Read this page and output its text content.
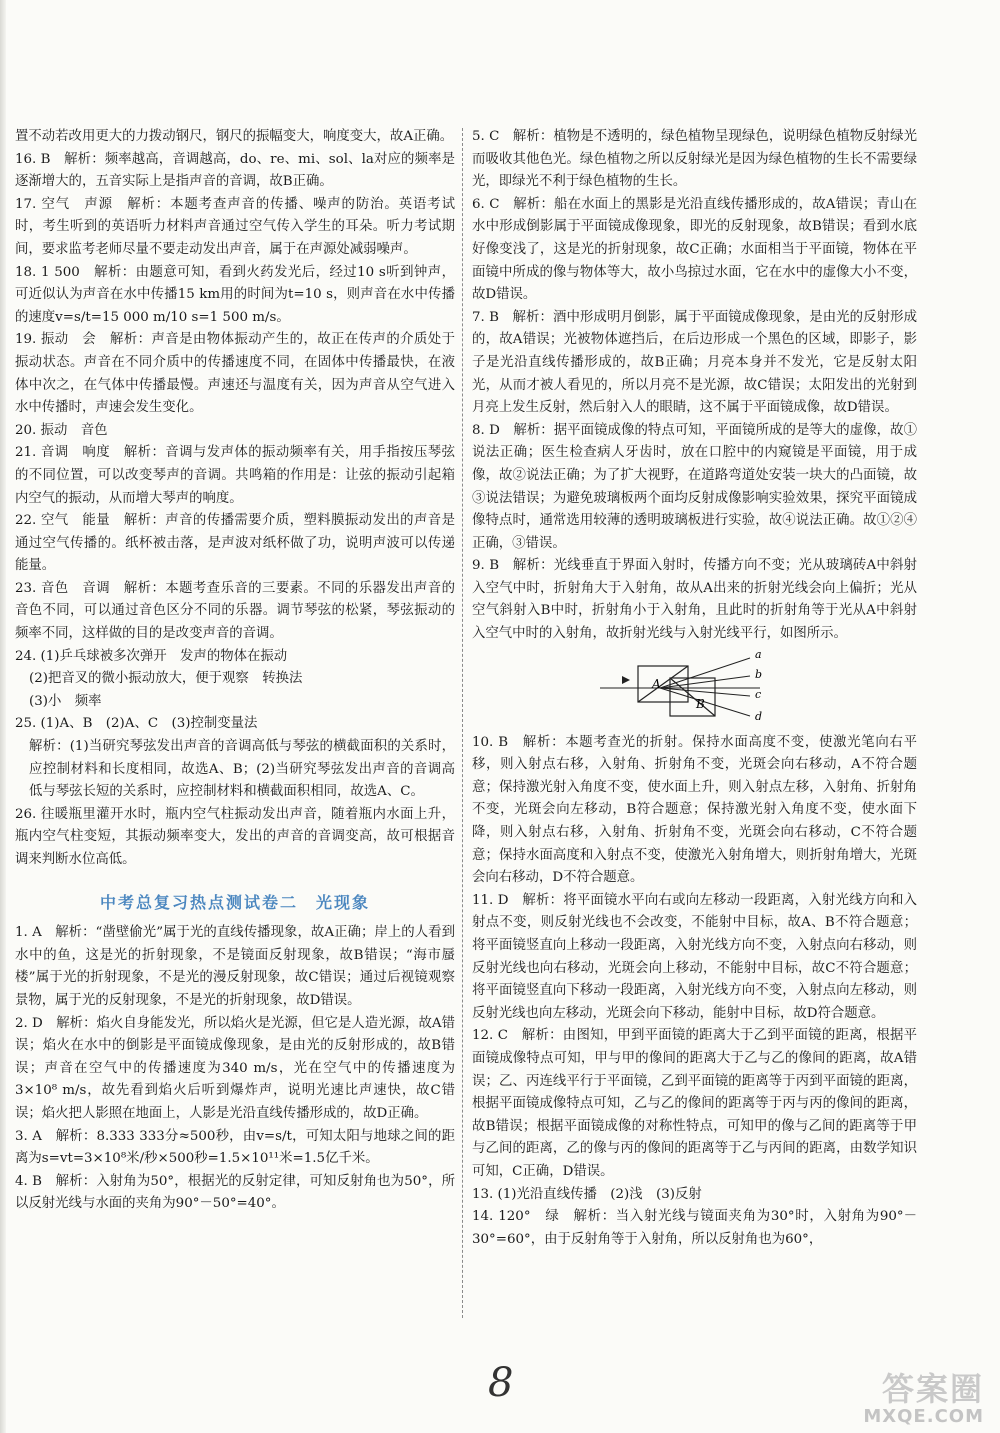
置不动若改用更大的力拨动钢尺，钢尺的振幅变大，响度变大，故A正确。

16. B　解析：频率越高，音调越高，do、re、mi、sol、la对应的频率是逐渐增大的，五音实际上是指声音的音调，故B正确。

17. 空气　声源　解析：本题考查声音的传播、噪声的防治。英语考试时，考生听到的英语听力材料声音通过空气传入学生的耳朵。听力考试期间，要求监考老师尽量不要走动发出声音，属于在声源处减弱噪声。

18. 1 500　解析：由题意可知，看到火药发光后，经过10 s听到钟声，可近似认为声音在水中传播15 km用的时间为t=10 s，则声音在水中传播的速度v=s/t=15 000 m/10 s=1 500 m/s。

19. 振动　会　解析：声音是由物体振动产生的，故正在传声的介质处于振动状态。声音在不同介质中的传播速度不同，在固体中传播最快，在液体中次之，在气体中传播最慢。声速还与温度有关，因为声音从空气进入水中传播时，声速会发生变化。

20. 振动　音色

21. 音调　响度　解析：音调与发声体的振动频率有关，用手指按压琴弦的不同位置，可以改变琴声的音调。共鸣箱的作用是：让弦的振动引起箱内空气的振动，从而增大琴声的响度。

22. 空气　能量　解析：声音的传播需要介质，塑料膜振动发出的声音是通过空气传播的。纸杯被击落，是声波对纸杯做了功，说明声波可以传递能量。

23. 音色　音调　解析：本题考查乐音的三要素。不同的乐器发出声音的音色不同，可以通过音色区分不同的乐器。调节琴弦的松紧，琴弦振动的频率不同，这样做的目的是改变声音的音调。

24. (1)乒乓球被多次弹开　发声的物体在振动

(2)把音叉的微小振动放大，便于观察　转换法

(3)小　频率

25. (1)A、B　(2)A、C　(3)控制变量法

解析：(1)当研究琴弦发出声音的音调高低与琴弦的横截面积的关系时，应控制材料和长度相同，故选A、B；(2)当研究琴弦发出声音的音调高低与琴弦长短的关系时，应控制材料和横截面积相同，故选A、C。

26. 往暖瓶里灌开水时，瓶内空气柱振动发出声音，随着瓶内水面上升，瓶内空气柱变短，其振动频率变大，发出的声音的音调变高，故可根据音调来判断水位高低。

中考总复习热点测试卷二　光现象

1. A　解析：“凿壁偷光”属于光的直线传播现象，故A正确；岸上的人看到水中的鱼，这是光的折射现象，不是镜面反射现象，故B错误；“海市蜃楼”属于光的折射现象，不是光的漫反射现象，故C错误；通过后视镜观察景物，属于光的反射现象，不是光的折射现象，故D错误。

2. D　解析：焰火自身能发光，所以焰火是光源，但它是人造光源，故A错误；焰火在水中的倒影是平面镜成像现象，是由光的反射形成的，故B错误；声音在空气中的传播速度为340 m/s，光在空气中的传播速度为3×10⁸ m/s，故先看到焰火后听到爆炸声，说明光速比声速快，故C错误；焰火把人影照在地面上，人影是光沿直线传播形成的，故D正确。

3. A　解析：8.333 333分≈500秒，由v=s/t，可知太阳与地球之间的距离为s=vt=3×10⁸米/秒×500秒=1.5×10¹¹米=1.5亿千米。

4. B　解析：入射角为50°，根据光的反射定律，可知反射角也为50°，所以反射光线与水面的夹角为90°－50°=40°。

5. C　解析：植物是不透明的，绿色植物呈现绿色，说明绿色植物反射绿光而吸收其他色光。绿色植物之所以反射绿光是因为绿色植物的生长不需要绿光，即绿光不利于绿色植物的生长。

6. C　解析：船在水面上的黑影是光沿直线传播形成的，故A错误；青山在水中形成倒影属于平面镜成像现象，即光的反射现象，故B错误；看到水底好像变浅了，这是光的折射现象，故C正确；水面相当于平面镜，物体在平面镜中所成的像与物体等大，故小鸟掠过水面，它在水中的虚像大小不变，故D错误。

7. B　解析：酒中形成明月倒影，属于平面镜成像现象，是由光的反射形成的，故A错误；光被物体遮挡后，在后边形成一个黑色的区域，即影子，影子是光沿直线传播形成的，故B正确；月亮本身并不发光，它是反射太阳光，从而才被人看见的，所以月亮不是光源，故C错误；太阳发出的光射到月亮上发生反射，然后射入人的眼睛，这不属于平面镜成像，故D错误。

8. D　解析：据平面镜成像的特点可知，平面镜所成的是等大的虚像，故①说法正确；医生检查病人牙齿时，放在口腔中的内窥镜是平面镜，用于成像，故②说法正确；为了扩大视野，在道路弯道处安装一块大的凸面镜，故③说法错误；为避免玻璃板两个面均反射成像影响实验效果，探究平面镜成像特点时，通常选用较薄的透明玻璃板进行实验，故④说法正确。故①②④正确，③错误。

9. B　解析：光线垂直于界面入射时，传播方向不变；光从玻璃砖A中斜射入空气中时，折射角大于入射角，故从A出来的折射光线会向上偏折；光从空气斜射入B中时，折射角小于入射角，且此时的折射角等于光从A中斜射入空气中时的入射角，故折射光线与入射光线平行，如图所示。

A
B
a
b
c
d

10. B　解析：本题考查光的折射。保持水面高度不变，使激光笔向右平移，则入射点右移，入射角、折射角不变，光斑会向右移动，A不符合题意；保持激光射入角度不变，使水面上升，则入射点左移，入射角、折射角不变，光斑会向左移动，B符合题意；保持激光射入角度不变，使水面下降，则入射点右移，入射角、折射角不变，光斑会向右移动，C不符合题意；保持水面高度和入射点不变，使激光入射角增大，则折射角增大，光斑会向右移动，D不符合题意。

11. D　解析：将平面镜水平向右或向左移动一段距离，入射光线方向和入射点不变，则反射光线也不会改变，不能射中目标，故A、B不符合题意；将平面镜竖直向上移动一段距离，入射光线方向不变，入射点向右移动，则反射光线也向右移动，光斑会向上移动，不能射中目标，故C不符合题意；将平面镜竖直向下移动一段距离，入射光线方向不变，入射点向左移动，则反射光线也向左移动，光斑会向下移动，能射中目标，故D符合题意。

12. C　解析：由图知，甲到平面镜的距离大于乙到平面镜的距离，根据平面镜成像特点可知，甲与甲的像间的距离大于乙与乙的像间的距离，故A错误；乙、丙连线平行于平面镜，乙到平面镜的距离等于丙到平面镜的距离，根据平面镜成像特点可知，乙与乙的像间的距离等于丙与丙的像间的距离，故B错误；根据平面镜成像的对称性特点，可知甲的像与乙间的距离等于甲与乙间的距离，乙的像与丙的像间的距离等于乙与丙间的距离，由数学知识可知，C正确，D错误。

13. (1)光沿直线传播　(2)浅　(3)反射

14. 120°　绿　解析：当入射光线与镜面夹角为30°时，入射角为90°－30°=60°，由于反射角等于入射角，所以反射角也为60°，

8	答案圈
MXQE.COM
